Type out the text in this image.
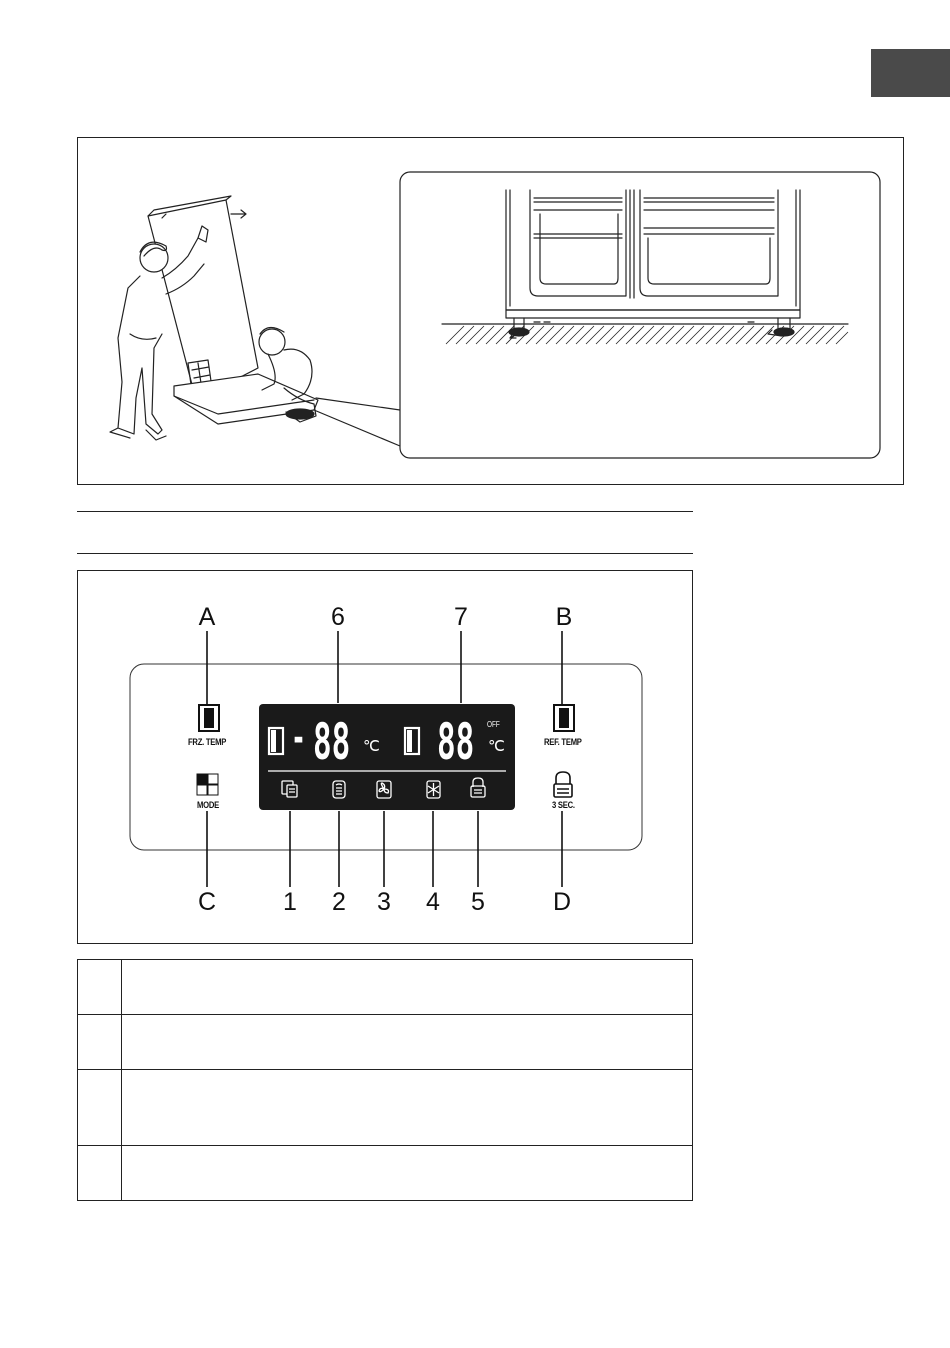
A	6	7	B
C	1	2	3	4	5	D
FRZ. TEMP	REF. TEMP
MODE	3 SEC.
- 88 ℃ 88 ℃
OFF
